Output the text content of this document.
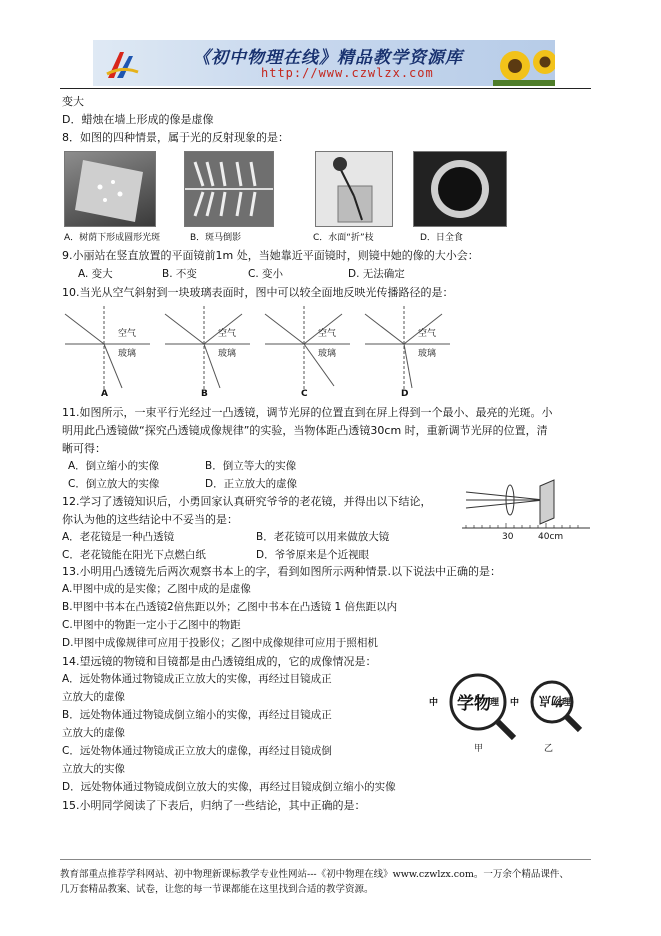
《初中物理在线》精品教学资源库
http://www.czwlzx.com
变大
D．蜡烛在墙上形成的像是虚像
8．如图的四种情景，属于光的反射现象的是：
A．树荫下形成圆形光斑	B．斑马倒影	C．水面“折”枝	D．日全食
9.小丽站在竖直放置的平面镜前1m 处，当她靠近平面镜时，则镜中她的像的大小会：
A. 变大	B. 不变	C. 变小	D. 无法确定
10.当光从空气斜射到一块玻璃表面时，图中可以较全面地反映光传播路径的是：
空气
玻璃
空气
玻璃
空气
玻璃
空气
玻璃
A	B	C	D
11.如图所示，一束平行光经过一凸透镜，调节光屏的位置直到在屏上得到一个最小、最亮的光斑。小
明用此凸透镜做“探究凸透镜成像规律”的实验，当物体距凸透镜30cm 时，重新调节光屏的位置，清
晰可得：
A．倒立缩小的实像	B．倒立等大的实像
C．倒立放大的实像	D．正立放大的虚像
30	40cm
12.学习了透镜知识后，小勇回家认真研究爷爷的老花镜，并得出以下结论，
你认为他的这些结论中不妥当的是：
A．老花镜是一种凸透镜	B．老花镜可以用来做放大镜
C．老花镜能在阳光下点燃白纸	D．爷爷原来是个近视眼
13.小明用凸透镜先后两次观察书本上的字，看到如图所示两种情景.以下说法中正确的是：
A.甲图中成的是实像；乙图中成的是虚像
B.甲图中书本在凸透镜2倍焦距以外；乙图中书本在凸透镜 1 倍焦距以内
C.甲图中的物距一定小于乙图中的物距
D.甲图中成像规律可应用于投影仪；乙图中成像规律可应用于照相机
14.望远镜的物镜和目镜都是由凸透镜组成的，它的成像情况是：
A．远处物体通过物镜成正立放大的实像，再经过目镜成正
立放大的虚像
B．远处物体通过物镜成倒立缩小的实像，再经过目镜成正
立放大的虚像
C．远处物体通过物镜成正立放大的虚像，再经过目镜成倒
立放大的实像
D．远处物体通过物镜成倒立放大的实像，再经过目镜成倒立缩小的实像
中 学物 理 中 物点
理
甲	乙
15.小明同学阅读了下表后，归纳了一些结论，其中正确的是：
教育部重点推荐学科网站、初中物理新课标教学专业性网站---《初中物理在线》www.czwlzx.com。一万余个精品课件、
几万套精品教案、试卷，让您的每一节课都能在这里找到合适的教学资源。
